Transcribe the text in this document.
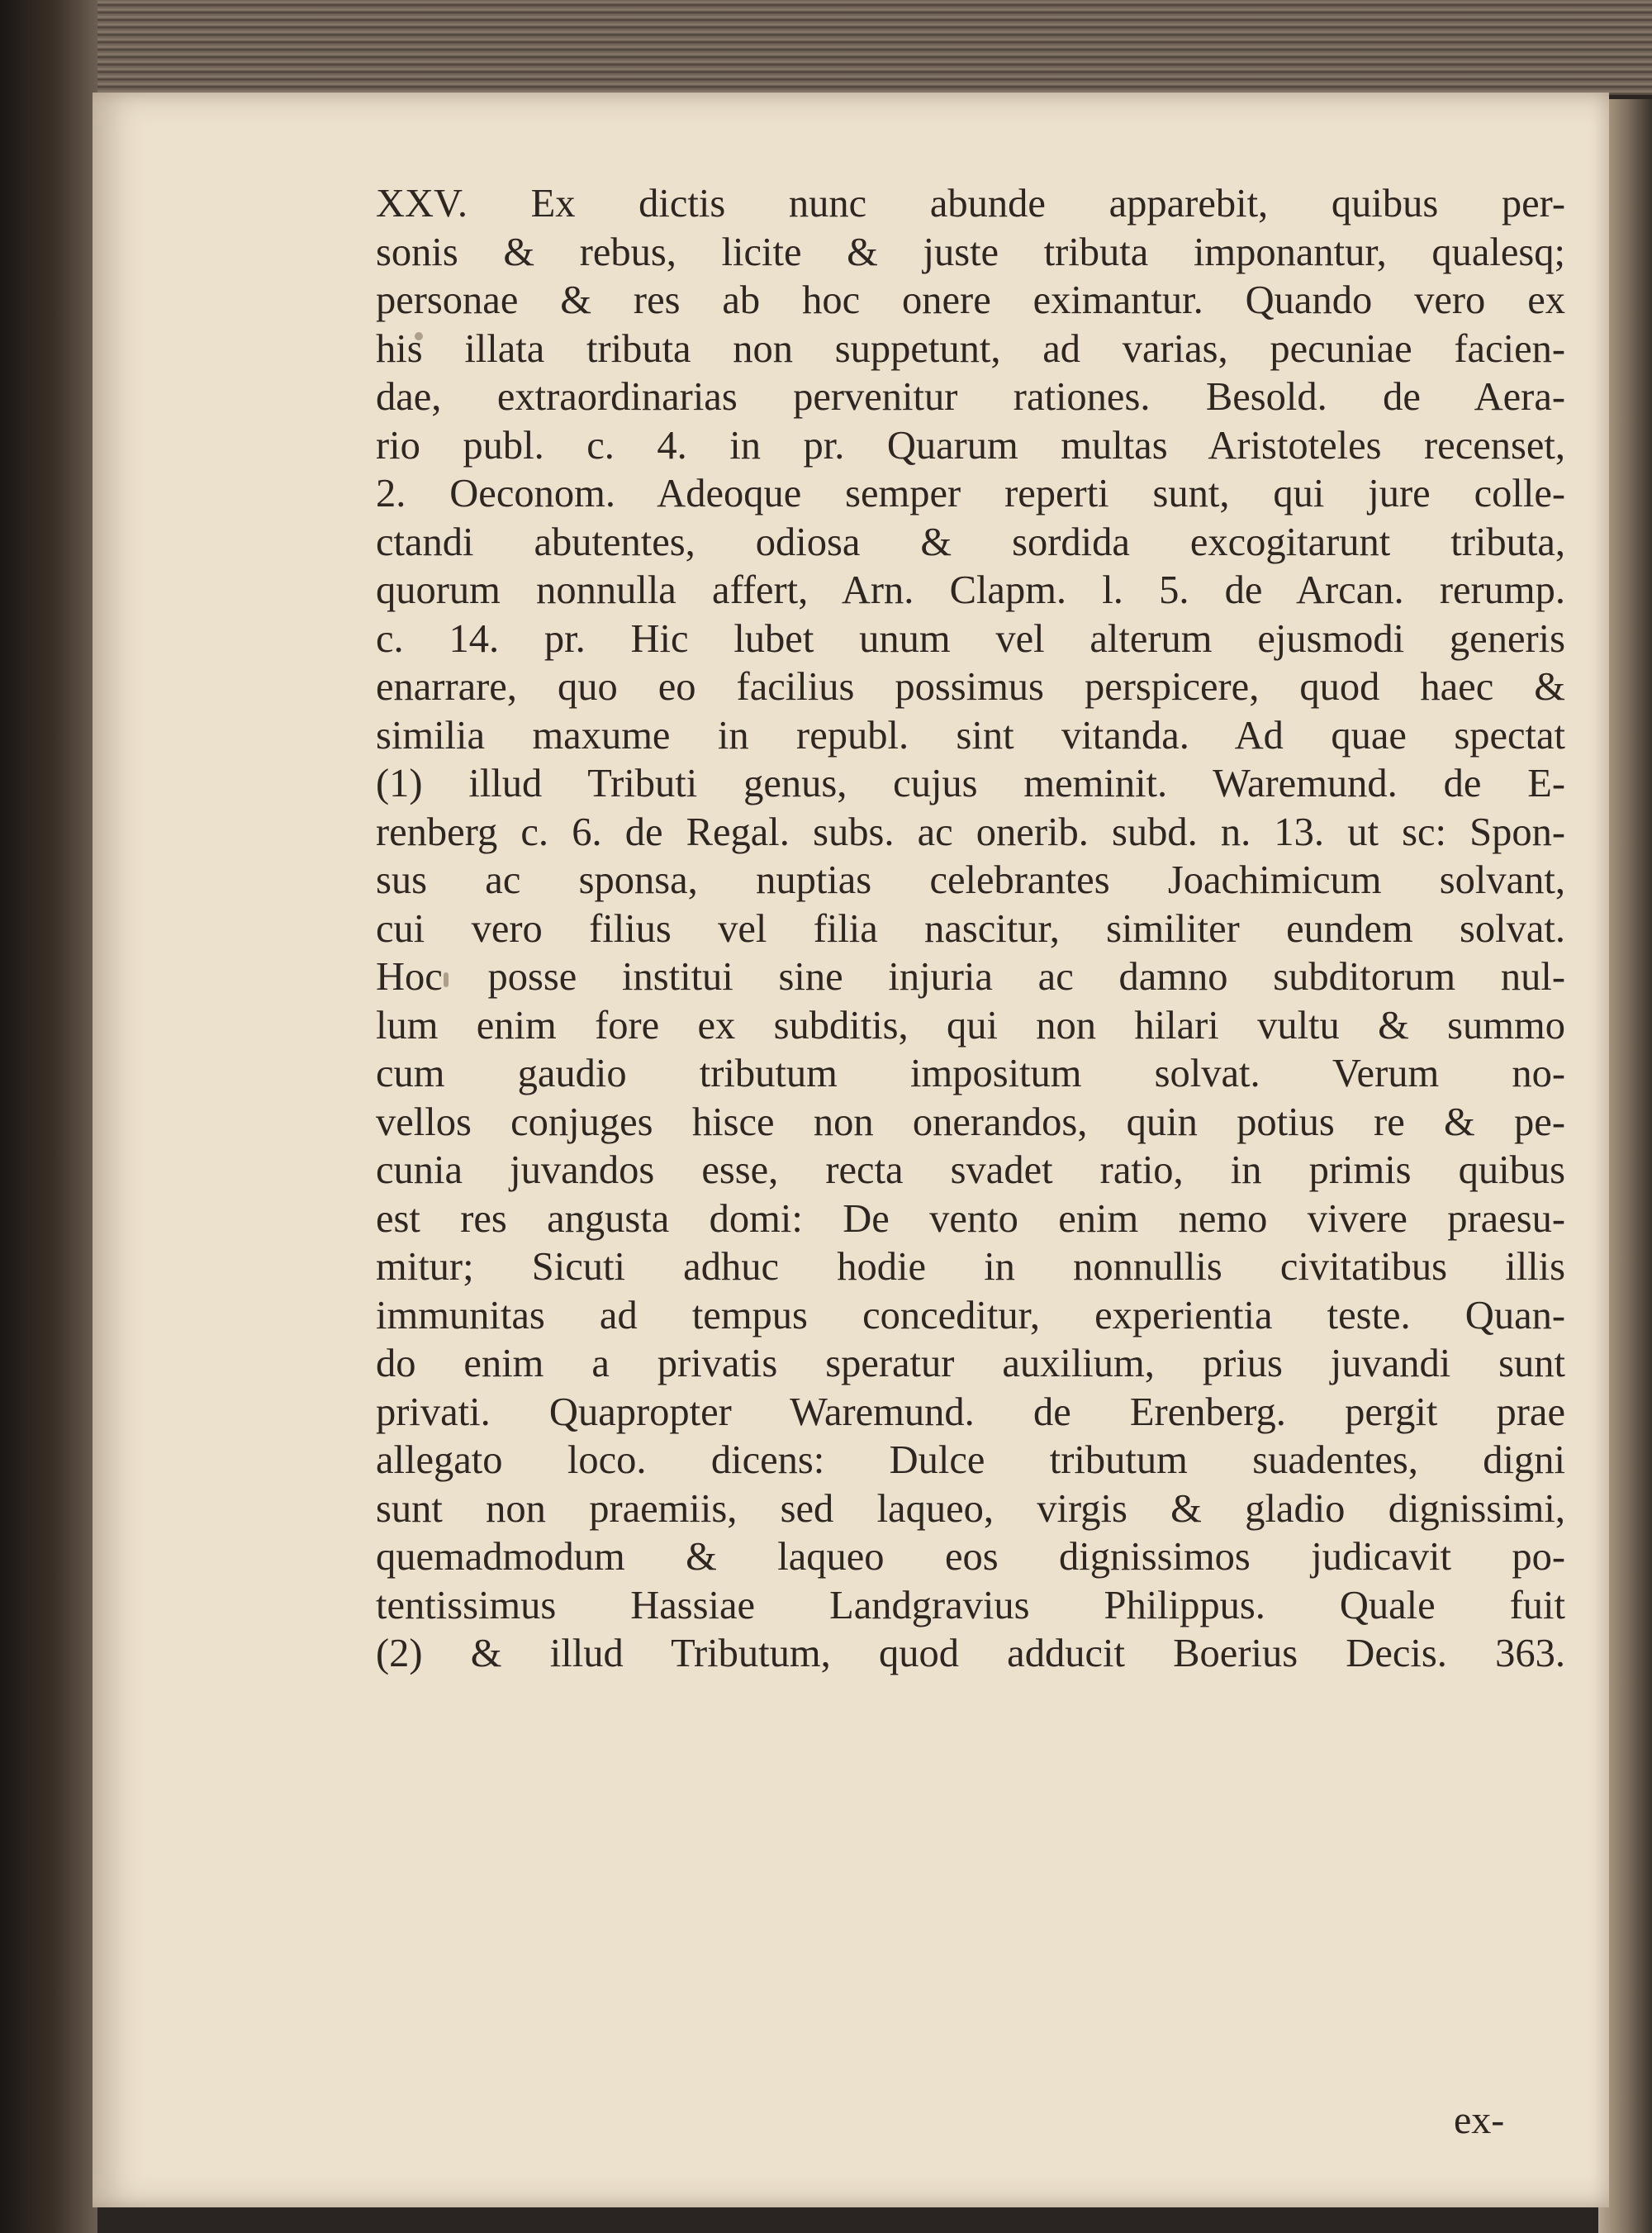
XXV. Ex dictis nunc abunde apparebit, quibus per-
sonis & rebus, licite & juste tributa imponantur, qualesq;
personae & res ab hoc onere eximantur. Quando vero ex
his illata tributa non suppetunt, ad varias, pecuniae facien-
dae, extraordinarias pervenitur rationes. Besold. de Aera-
rio publ. c. 4. in pr. Quarum multas Aristoteles recenset,
2. Oeconom. Adeoque semper reperti sunt, qui jure colle-
ctandi abutentes, odiosa & sordida excogitarunt tributa,
quorum nonnulla affert, Arn. Clapm. l. 5. de Arcan. rerump.
c. 14. pr. Hic lubet unum vel alterum ejusmodi generis
enarrare, quo eo facilius possimus perspicere, quod haec &
similia maxume in republ. sint vitanda. Ad quae spectat
(1) illud Tributi genus, cujus meminit. Waremund. de E-
renberg c. 6. de Regal. subs. ac onerib. subd. n. 13. ut sc: Spon-
sus ac sponsa, nuptias celebrantes Joachimicum solvant,
cui vero filius vel filia nascitur, similiter eundem solvat.
Hoc posse institui sine injuria ac damno subditorum nul-
lum enim fore ex subditis, qui non hilari vultu & summo
cum gaudio tributum impositum solvat. Verum no-
vellos conjuges hisce non onerandos, quin potius re & pe-
cunia juvandos esse, recta svadet ratio, in primis quibus
est res angusta domi: De vento enim nemo vivere praesu-
mitur; Sicuti adhuc hodie in nonnullis civitatibus illis
immunitas ad tempus conceditur, experientia teste. Quan-
do enim a privatis speratur auxilium, prius juvandi sunt
privati. Quapropter Waremund. de Erenberg. pergit prae
allegato loco. dicens: Dulce tributum suadentes, digni
sunt non praemiis, sed laqueo, virgis & gladio dignissimi,
quemadmodum & laqueo eos dignissimos judicavit po-
tentissimus Hassiae Landgravius Philippus. Quale fuit
(2) & illud Tributum, quod adducit Boerius Decis. 363.
ex-
